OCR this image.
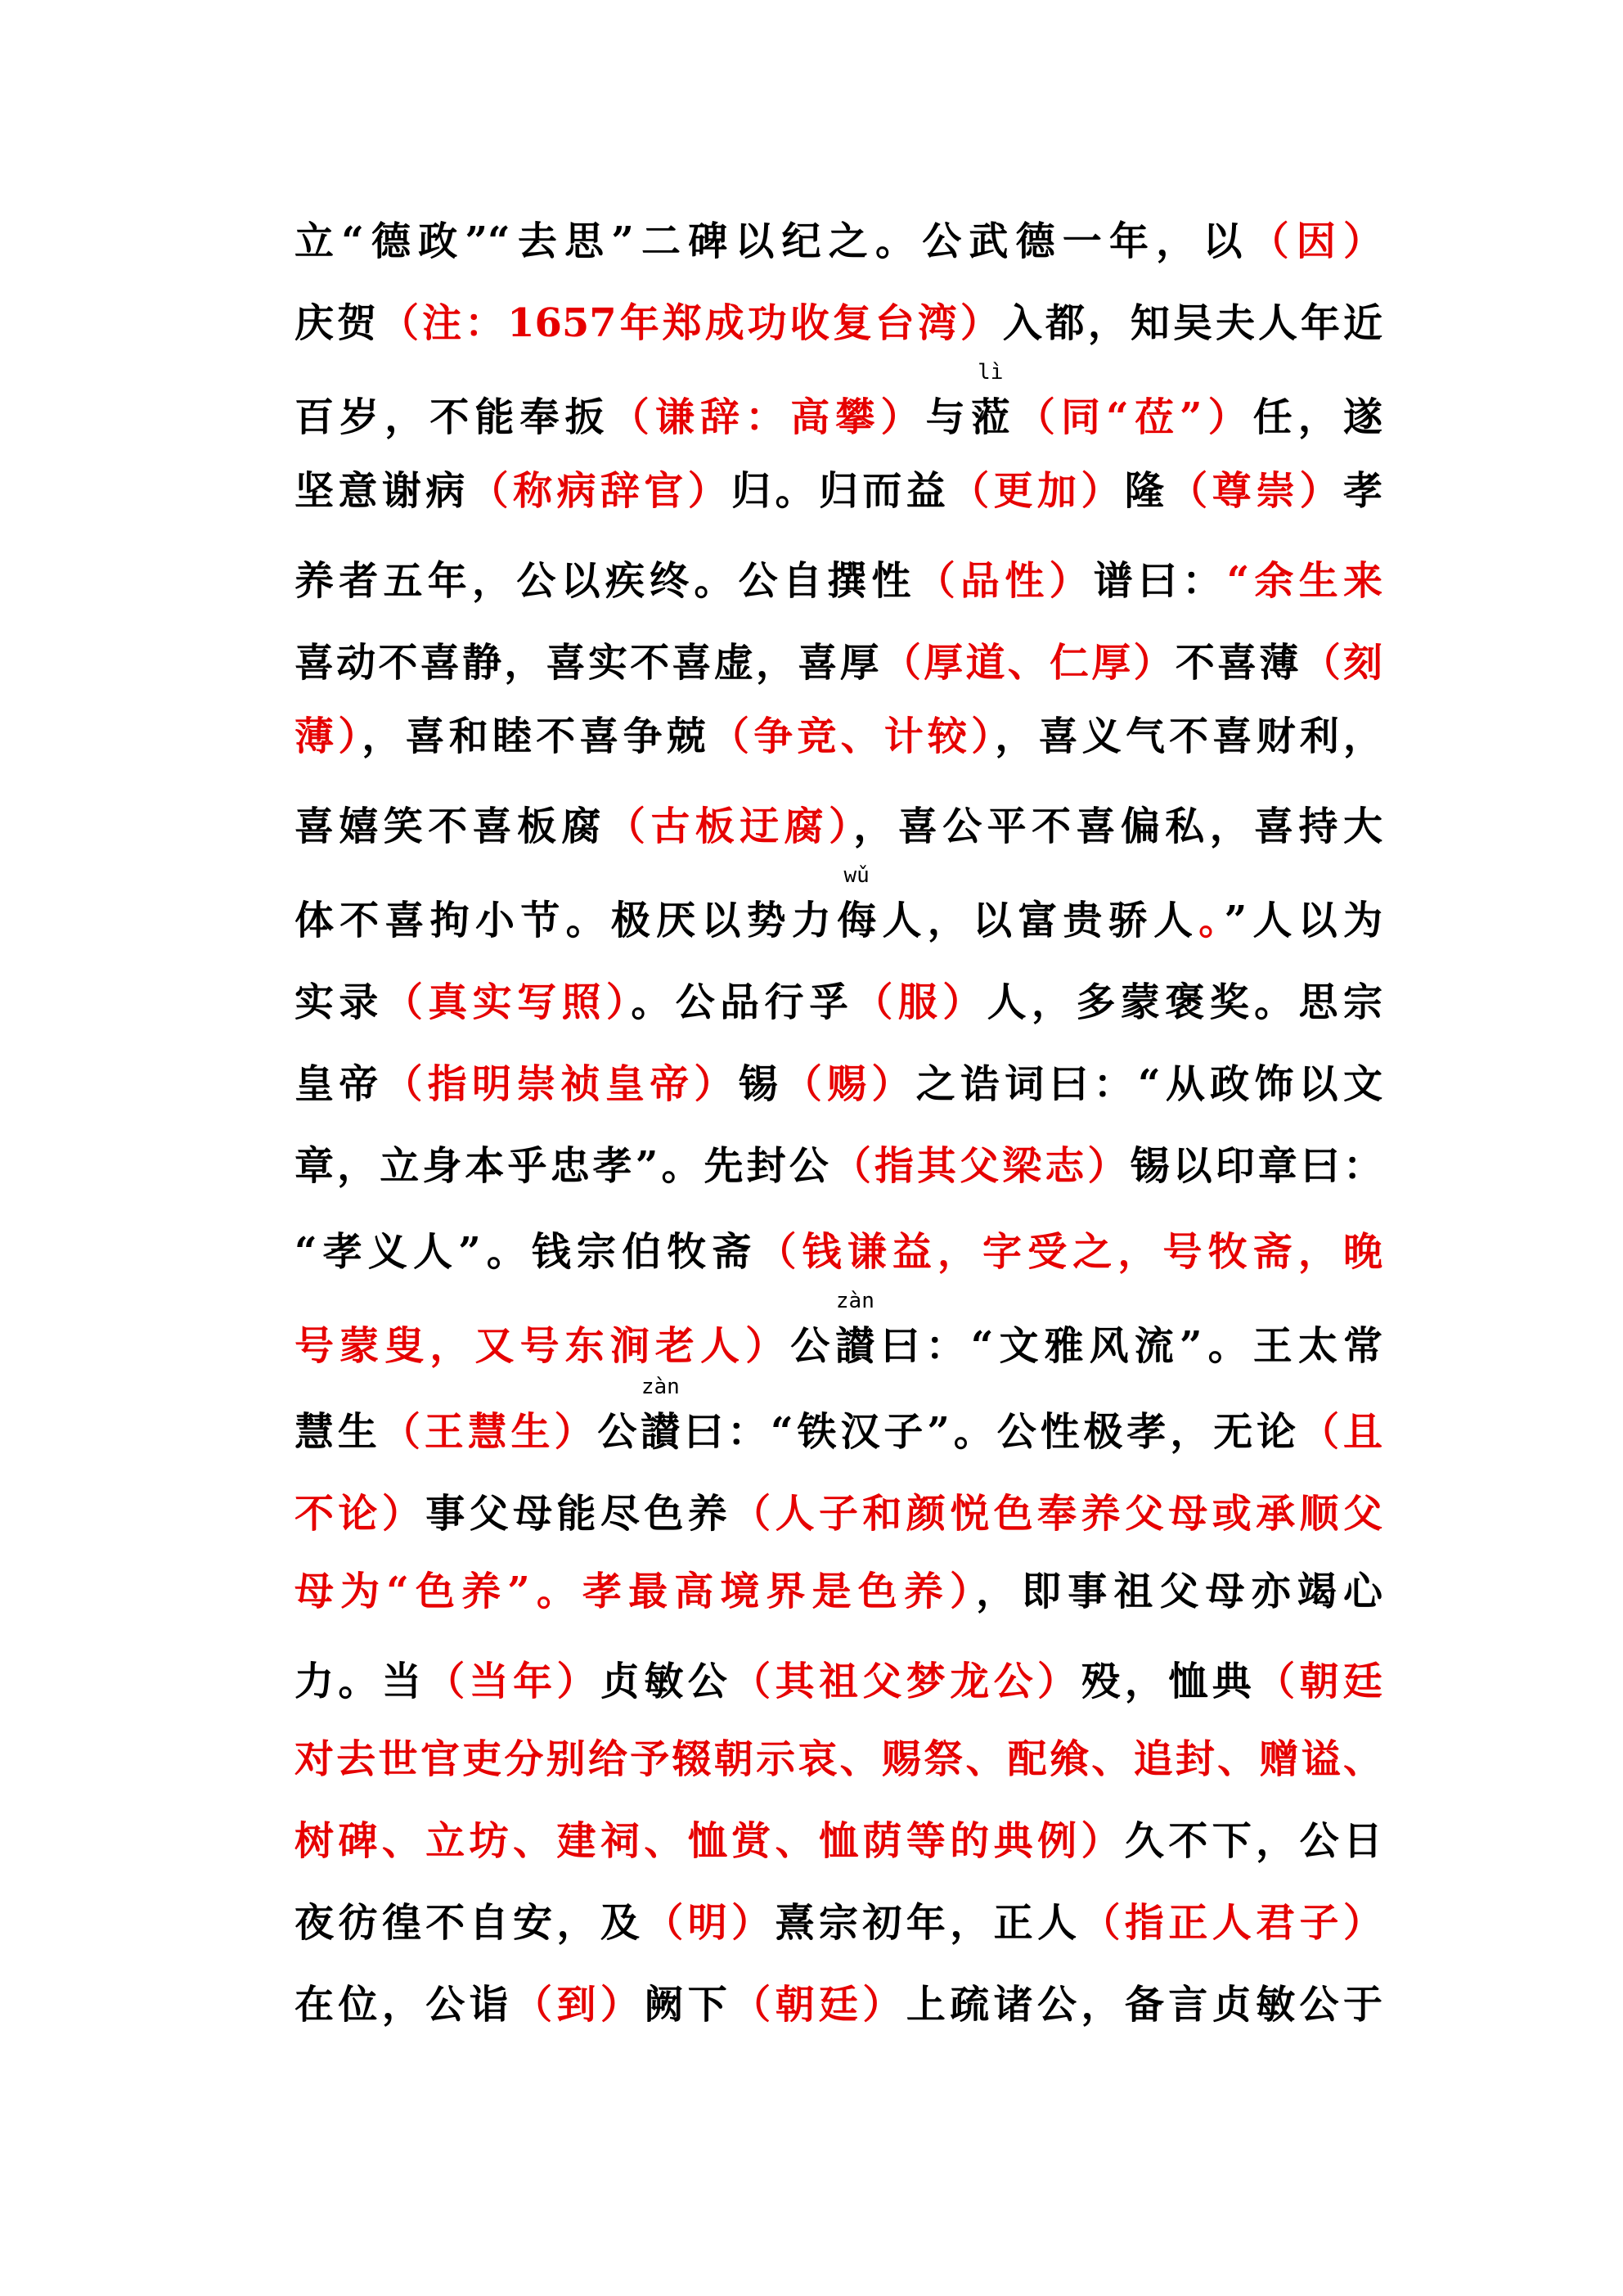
立“德政”“去思”二碑以纪之。公武德一年，以（因）
庆贺（注：1657年郑成功收复台湾）入都，知吴夫人年近
百岁，不能奉扳（谦辞：高攀）与
lì
蒞（同“莅”）任，遂
坚意谢病（称病辞官）归。归而益（更加）隆（尊崇）孝
养者五年，公以疾终。公自撰性（品性）谱曰：“余生来
喜动不喜静，喜实不喜虚，喜厚（厚道、仁厚）不喜薄（刻
薄），喜和睦不喜争兢（争竞、计较），喜义气不喜财利，
喜嬉笑不喜板腐（古板迂腐），喜公平不喜偏私，喜持大
体不喜拘小节。极厌以势力
wǔ
侮人，以富贵骄人。”人以为
实录（真实写照）。公品行孚（服）人，多蒙褒奖。思宗
皇帝（指明崇祯皇帝）锡（赐）之诰词曰：“从政饰以文
章，立身本乎忠孝”。先封公（指其父梁志）锡以印章曰：
“孝义人”。钱宗伯牧斋（钱谦益，字受之，号牧斋，晚
号蒙叟，又号东涧老人）公
zàn
讃曰：“文雅风流”。王太常
慧生（王慧生）公
zàn
讃曰：“铁汉子”。公性极孝，无论（且
不论）事父母能尽色养（人子和颜悦色奉养父母或承顺父
母为“色养”。孝最高境界是色养），即事祖父母亦竭心
力。当（当年）贞敏公（其祖父梦龙公）殁，恤典（朝廷
对去世官吏分别给予辍朝示哀、赐祭、配飨、追封、赠谥、
树碑、立坊、建祠、恤赏、恤荫等的典例）久不下，公日
夜彷徨不自安，及（明）熹宗初年，正人（指正人君子）
在位，公诣（到）阙下（朝廷）上疏诸公，备言贞敏公于
